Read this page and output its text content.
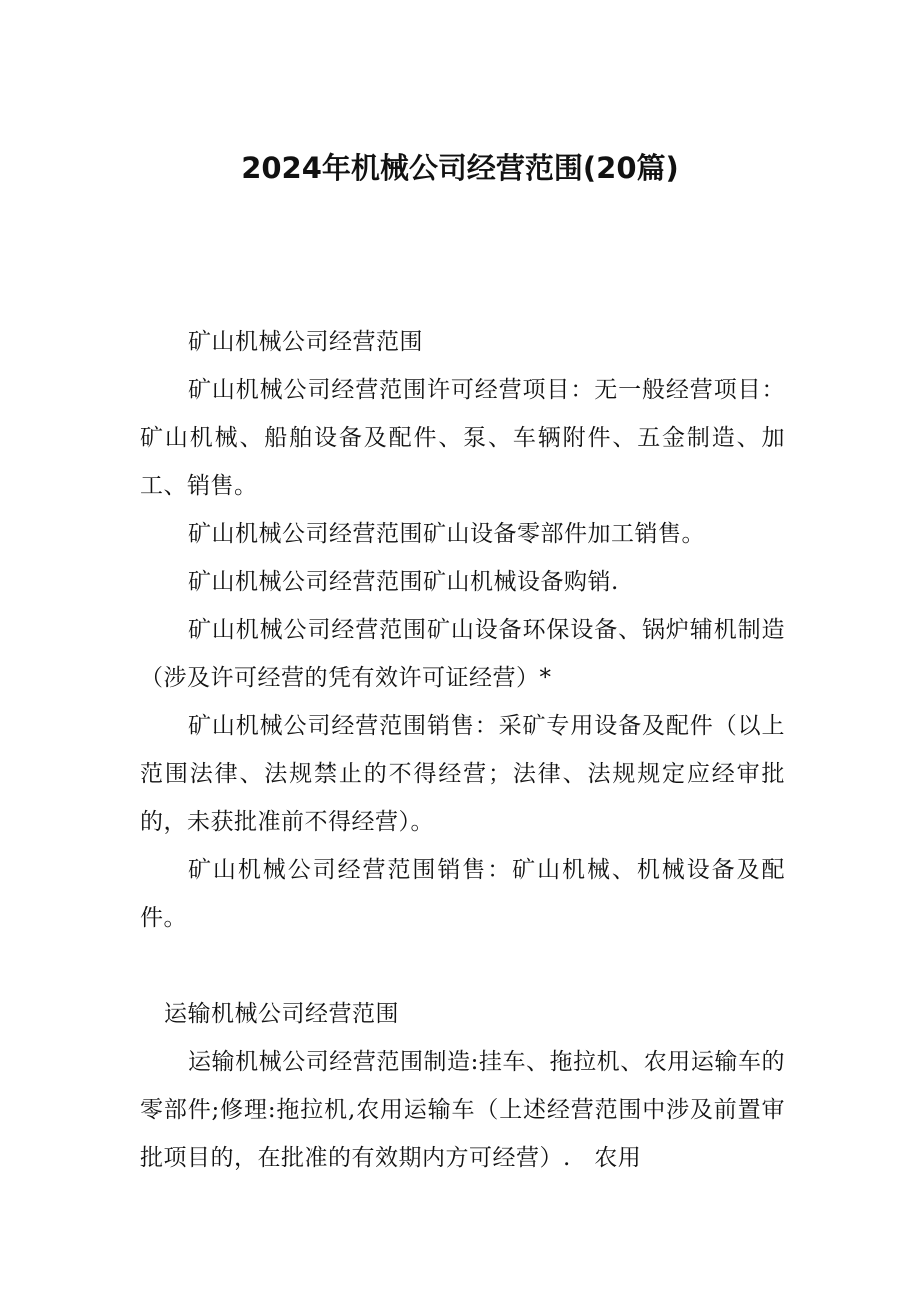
2024年机械公司经营范围(20篇)

矿山机械公司经营范围

矿山机械公司经营范围许可经营项目：无一般经营项目：矿山机械、船舶设备及配件、泵、车辆附件、五金制造、加工、销售。

矿山机械公司经营范围矿山设备零部件加工销售。

矿山机械公司经营范围矿山机械设备购销.

矿山机械公司经营范围矿山设备环保设备、锅炉辅机制造（涉及许可经营的凭有效许可证经营）*

矿山机械公司经营范围销售：采矿专用设备及配件（以上范围法律、法规禁止的不得经营；法律、法规规定应经审批的，未获批准前不得经营）。

矿山机械公司经营范围销售：矿山机械、机械设备及配件。

运输机械公司经营范围

运输机械公司经营范围制造:挂车、拖拉机、农用运输车的零部件;修理:拖拉机,农用运输车（上述经营范围中涉及前置审批项目的，在批准的有效期内方可经营）.　农用
